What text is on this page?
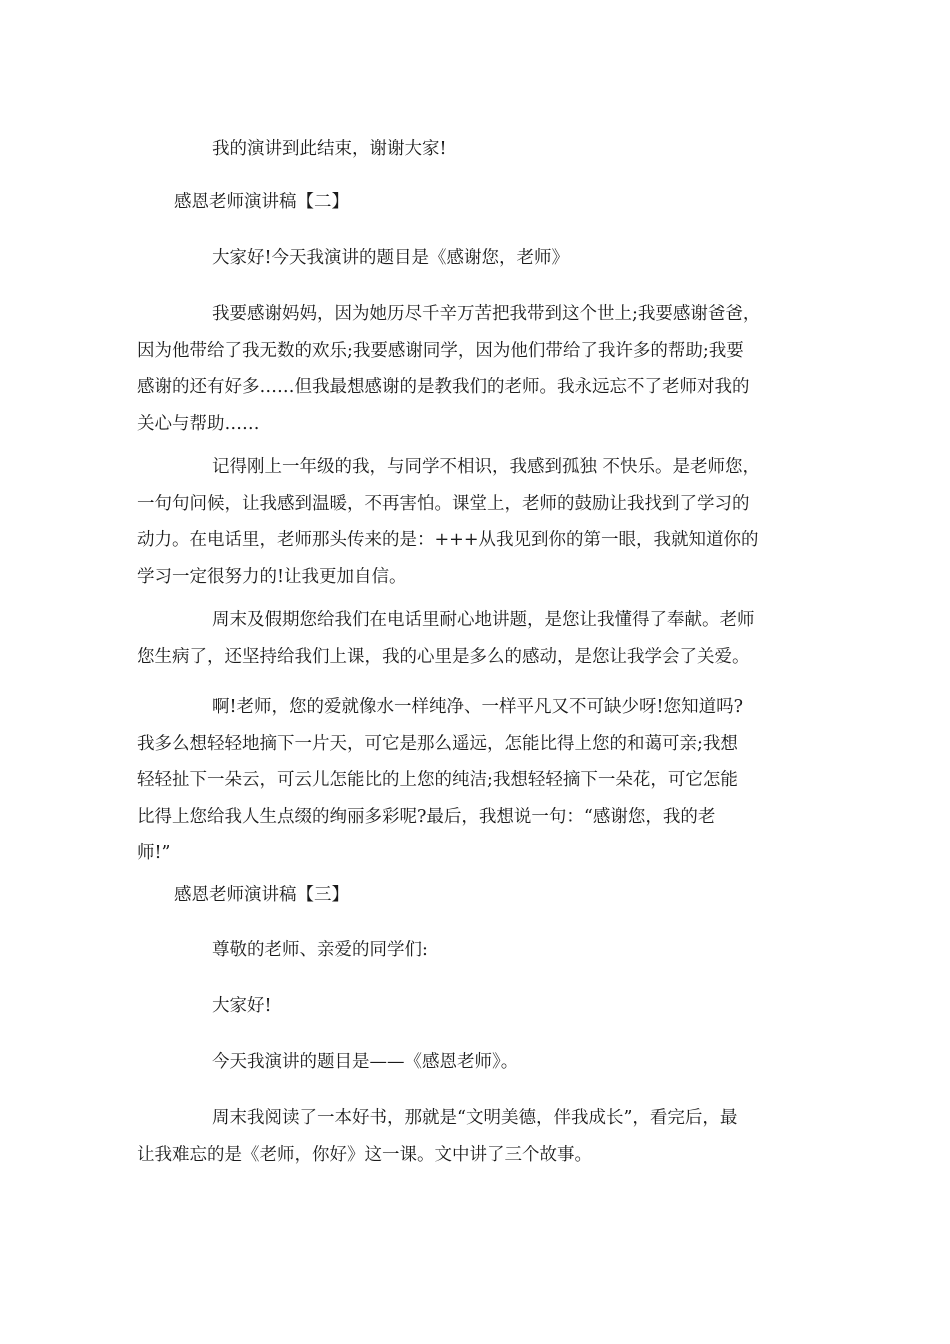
我的演讲到此结束，谢谢大家!

感恩老师演讲稿【二】

大家好!今天我演讲的题目是《感谢您，老师》

我要感谢妈妈，因为她历尽千辛万苦把我带到这个世上;我要感谢爸爸，
因为他带给了我无数的欢乐;我要感谢同学，因为他们带给了我许多的帮助;我要
感谢的还有好多……但我最想感谢的是教我们的老师。我永远忘不了老师对我的
关心与帮助……

记得刚上一年级的我，与同学不相识，我感到孤独 不快乐。是老师您，
一句句问候，让我感到温暖，不再害怕。课堂上，老师的鼓励让我找到了学习的
动力。在电话里，老师那头传来的是：+++从我见到你的第一眼，我就知道你的
学习一定很努力的!让我更加自信。

周末及假期您给我们在电话里耐心地讲题，是您让我懂得了奉献。老师
您生病了，还坚持给我们上课，我的心里是多么的感动，是您让我学会了关爱。

啊!老师，您的爱就像水一样纯净、一样平凡又不可缺少呀!您知道吗?
我多么想轻轻地摘下一片天，可它是那么遥远，怎能比得上您的和蔼可亲;我想
轻轻扯下一朵云，可云儿怎能比的上您的纯洁;我想轻轻摘下一朵花，可它怎能
比得上您给我人生点缀的绚丽多彩呢?最后，我想说一句：“感谢您，我的老
师!”

感恩老师演讲稿【三】

尊敬的老师、亲爱的同学们:

大家好!

今天我演讲的题目是——《感恩老师》。

周末我阅读了一本好书，那就是“文明美德，伴我成长”，看完后，最
让我难忘的是《老师，你好》这一课。文中讲了三个故事。
